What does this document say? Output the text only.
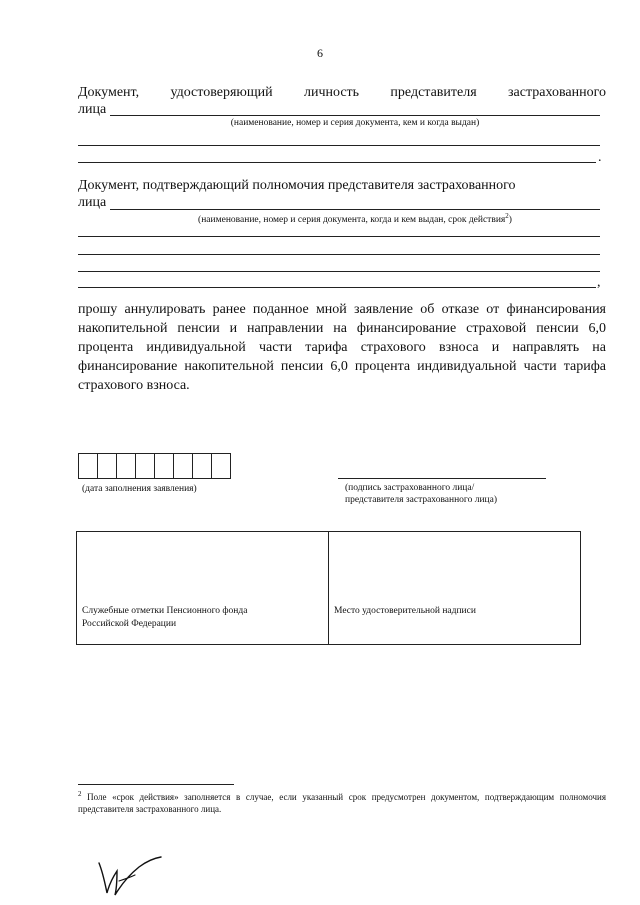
6
Документ, удостоверяющий личность представителя застрахованного
лица
(наименование, номер и серия документа, кем и когда выдан)
.
Документ, подтверждающий полномочия представителя застрахованного
лица
(наименование, номер и серия документа, когда и кем выдан, срок действия$^2$)
,
прошу аннулировать ранее поданное мной заявление об отказе от финансирования накопительной пенсии и направлении на финансирование страховой пенсии 6,0 процента индивидуальной части тарифа страхового взноса и направлять на финансирование накопительной пенсии 6,0 процента индивидуальной части тарифа страхового взноса.
(дата заполнения заявления)	(подпись застрахованного лица/
представителя застрахованного лица)
Служебные отметки Пенсионного фонда
Российской Федерации
Место удостоверительной надписи
$^2$ Поле «срок действия» заполняется в случае, если указанный срок предусмотрен документом, подтверждающим полномочия представителя застрахованного лица.
